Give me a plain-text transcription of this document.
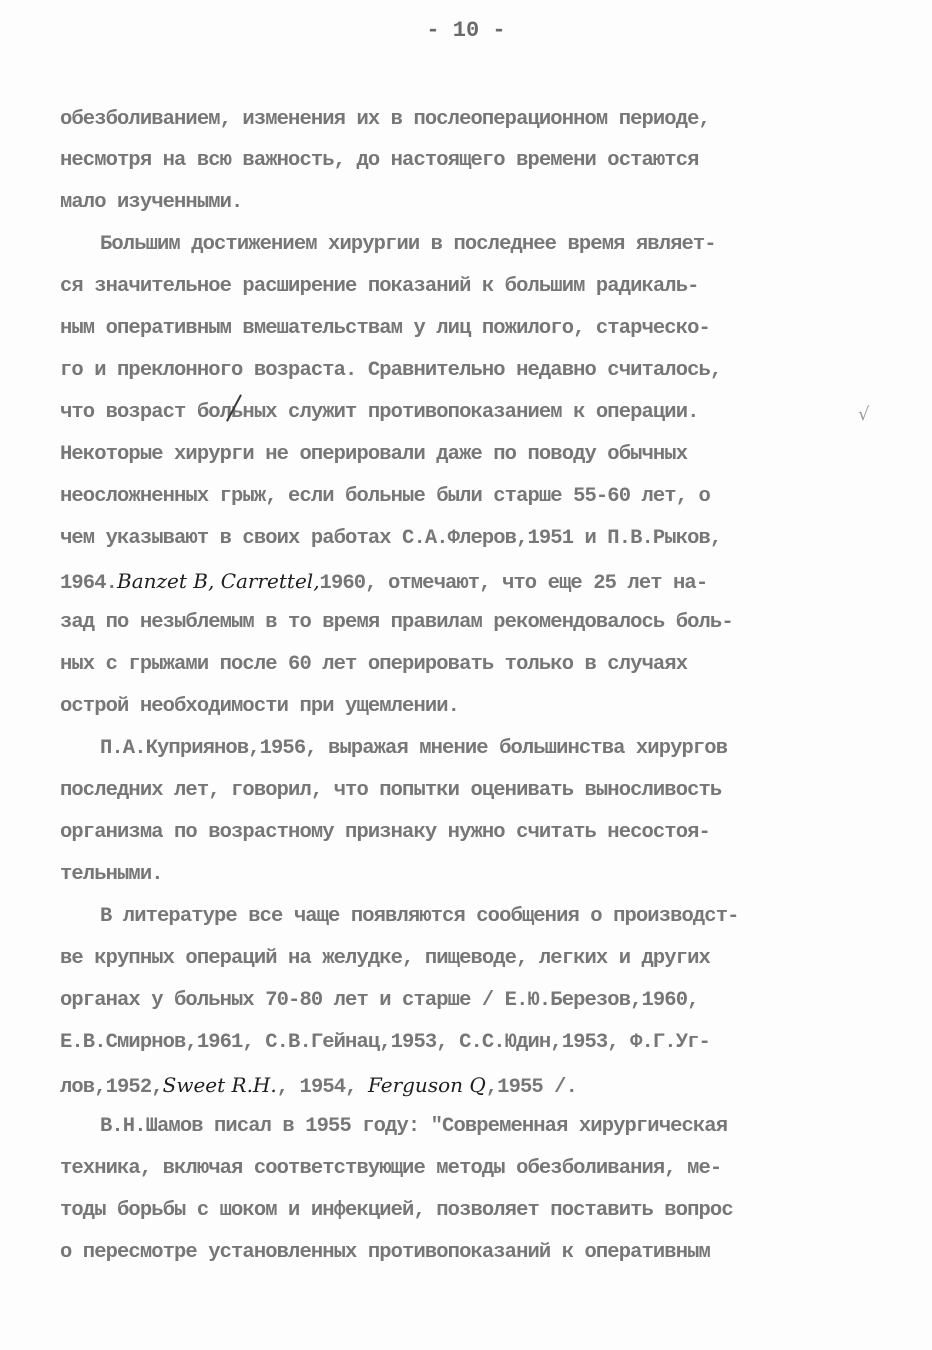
- 10 -
обезболиванием, изменения их в послеоперационном периоде,
несмотря на всю важность, до настоящего времени остаются
мало изученными.
Большим достижением хирургии в последнее время являет-
ся значительное расширение показаний к большим радикаль-
ным оперативным вмешательствам у лиц пожилого, старческо-
го и преклонного возраста. Сравнительно недавно считалось,
что возраст больных служит противопоказанием к операции.	√
Некоторые хирурги не оперировали даже по поводу обычных
неосложненных грыж, если больные были старше 55-60 лет, о
чем указывают в своих работах С.А.Флеров,1951 и П.В.Рыков,
1964.Banzet B, Carrettel,1960, отмечают, что еще 25 лет на-
зад по незыблемым в то время правилам рекомендовалось боль-
ных с грыжами после 60 лет оперировать только в случаях
острой необходимости при ущемлении.
П.А.Куприянов,1956, выражая мнение большинства хирургов
последних лет, говорил, что попытки оценивать выносливость
организма по возрастному признаку нужно считать несостоя-
тельными.
В литературе все чаще появляются сообщения о производст-
ве крупных операций на желудке, пищеводе, легких и других
органах у больных 70-80 лет и старше / Е.Ю.Березов,1960,
Е.В.Смирнов,1961, С.В.Гейнац,1953, С.С.Юдин,1953, Ф.Г.Уг-
лов,1952,Sweet R.H., 1954, Ferguson Q,1955 /.
В.Н.Шамов писал в 1955 году: "Современная хирургическая
техника, включая соответствующие методы обезболивания, ме-
тоды борьбы с шоком и инфекцией, позволяет поставить вопрос
о пересмотре установленных противопоказаний к оперативным
